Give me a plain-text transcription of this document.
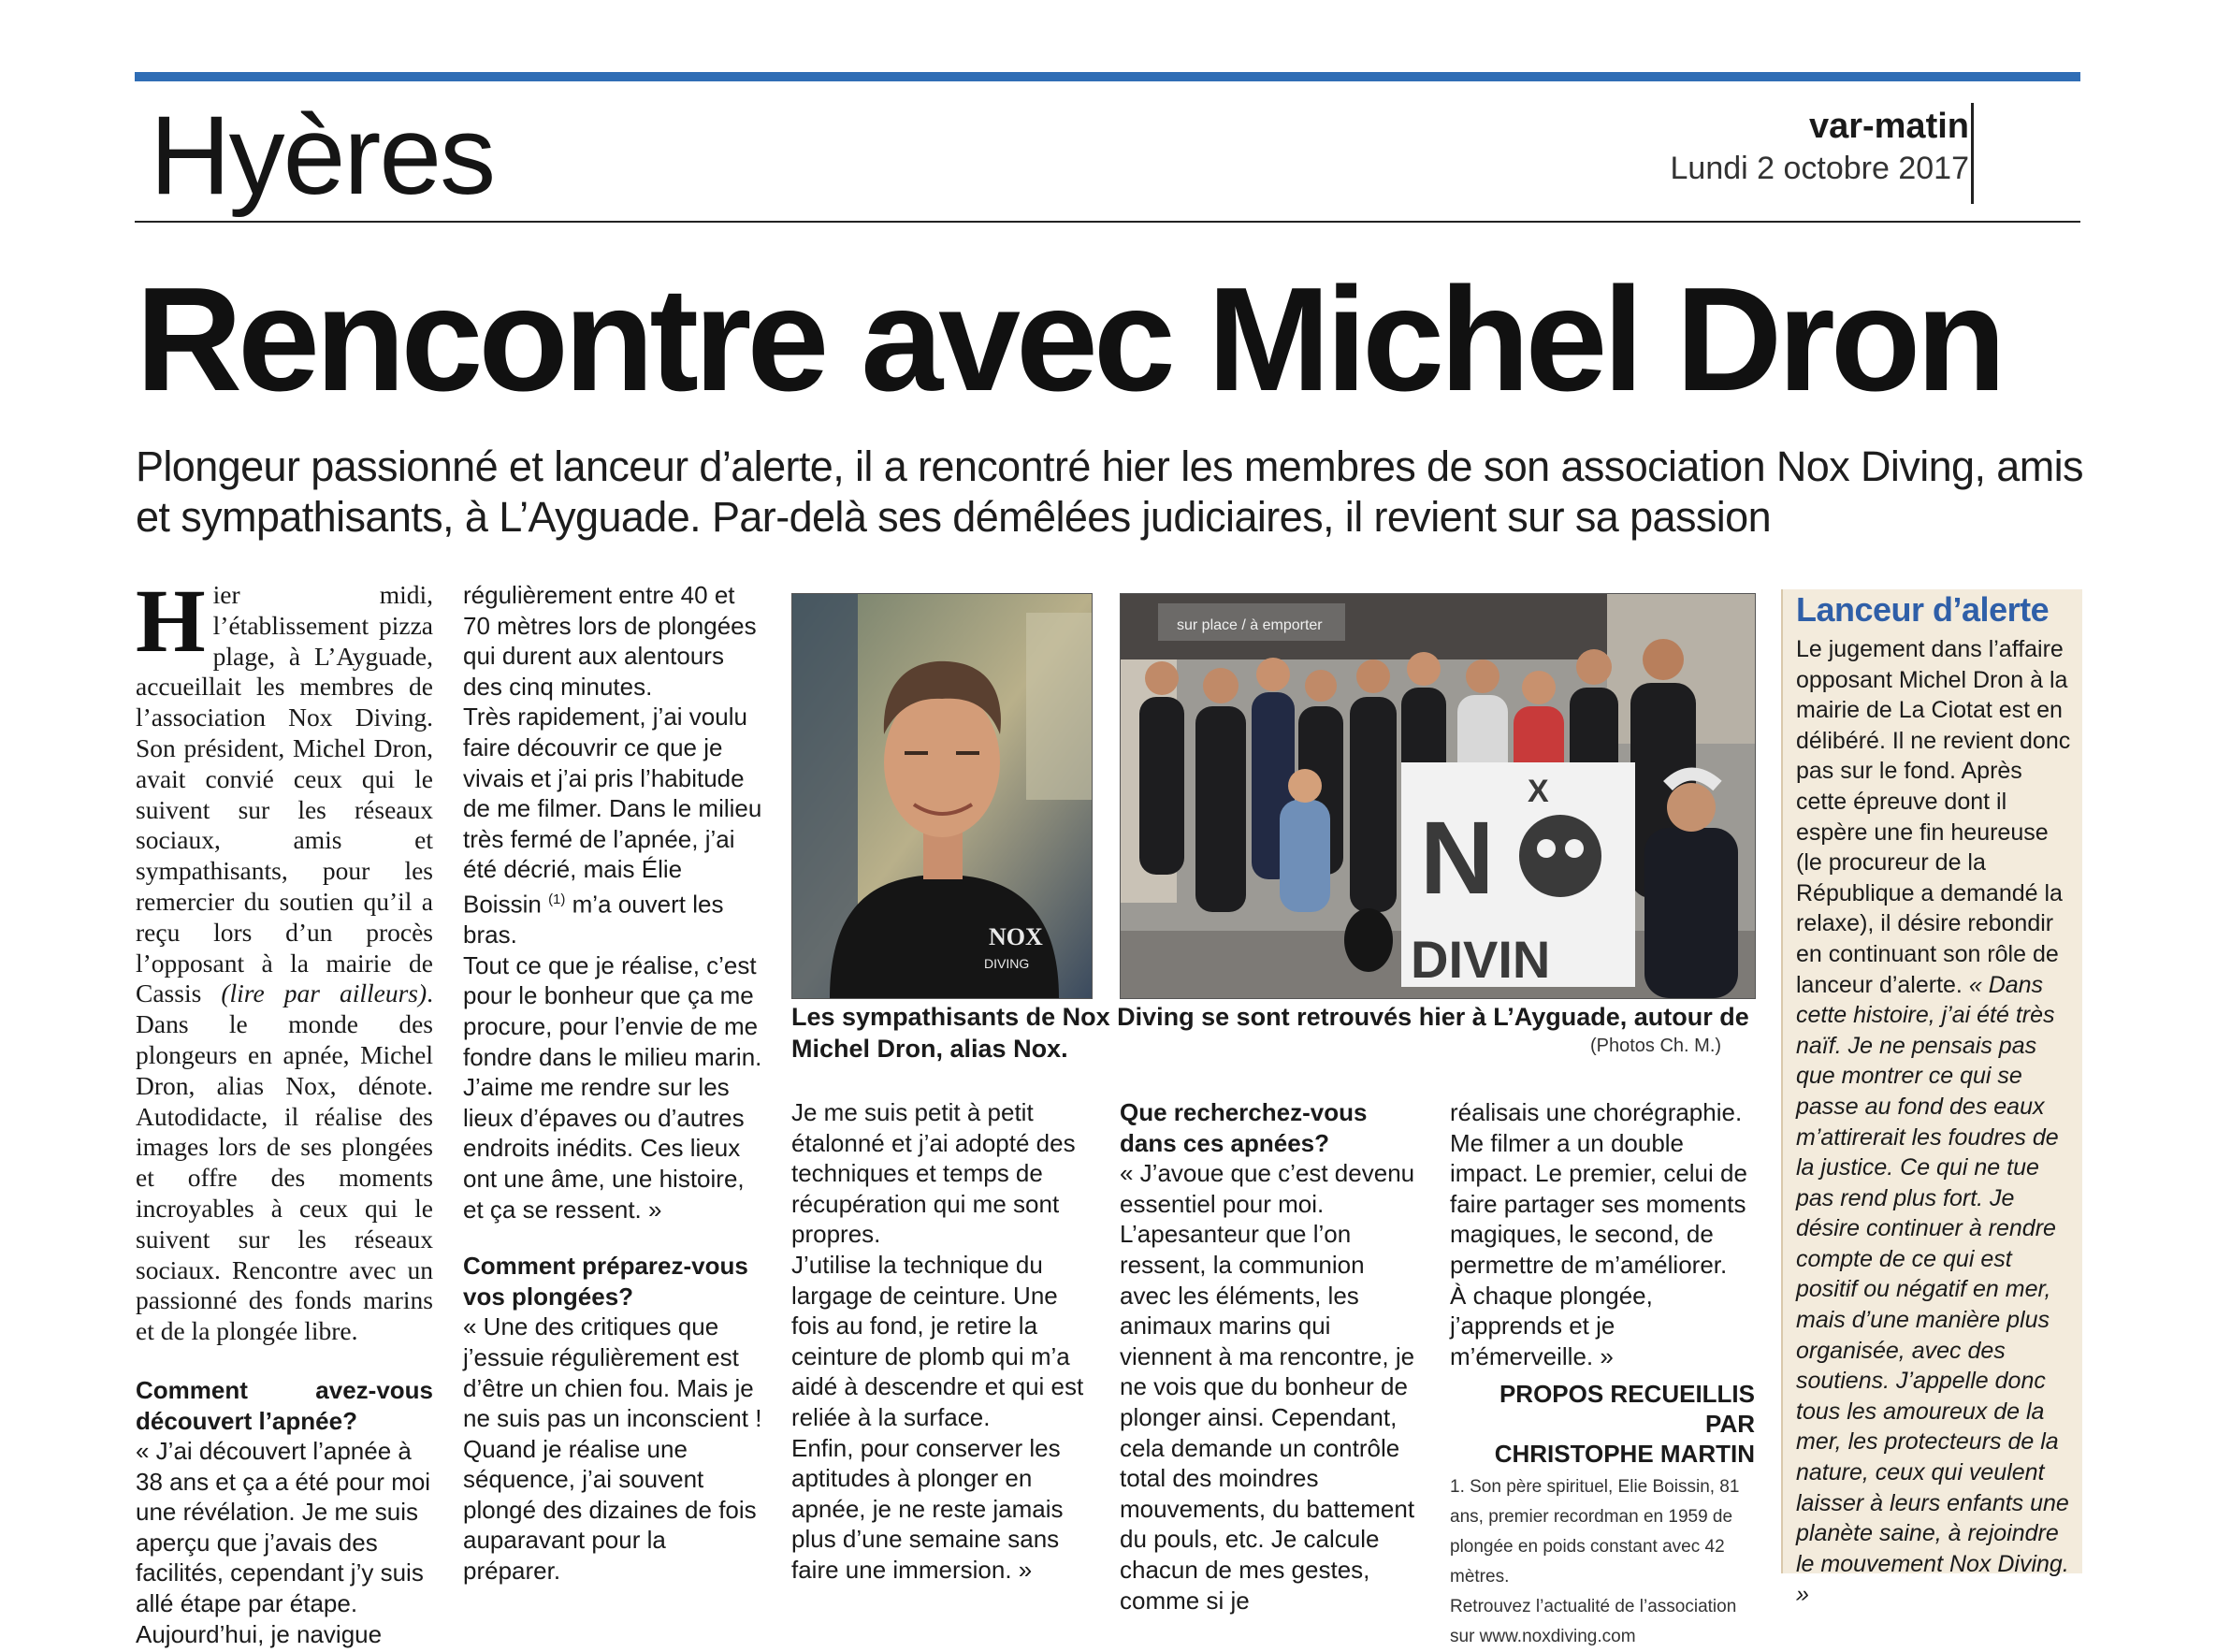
Hyères	var-matin
Lundi 2 octobre 2017
Rencontre avec Michel Dron

Plongeur passionné et lanceur d’alerte, il a rencontré hier les membres de son association Nox Diving, amis et sympathisants, à L’Ayguade. Par-delà ses démêlées judiciaires, il revient sur sa passion

Hier midi, l’établissement pizza plage, à L’Ayguade, accueillait les membres de l’association Nox Diving. Son président, Michel Dron, avait convié ceux qui le suivent sur les réseaux sociaux, amis et sympathisants, pour les remercier du soutien qu’il a reçu lors d’un procès l’opposant à la mairie de Cassis (lire par ailleurs). Dans le monde des plongeurs en apnée, Michel Dron, alias Nox, dénote. Autodidacte, il réalise des images lors de ses plongées et offre des moments incroyables à ceux qui le suivent sur les réseaux sociaux. Rencontre avec un passionné des fonds marins et de la plongée libre.

Comment avez-vous découvert l’apnée?

« J’ai découvert l’apnée à 38 ans et ça a été pour moi une révélation. Je me suis aperçu que j’avais des facilités, cependant j’y suis allé étape par étape. Aujourd’hui, je navigue

régulièrement entre 40 et 70 mètres lors de plongées qui durent aux alentours des cinq minutes.

Très rapidement, j’ai voulu faire découvrir ce que je vivais et j’ai pris l’habitude de me filmer. Dans le milieu très fermé de l’apnée, j’ai été décrié, mais Élie Boissin $^{(1)}$ m’a ouvert les bras.

Tout ce que je réalise, c’est pour le bonheur que ça me procure, pour l’envie de me fondre dans le milieu marin. J’aime me rendre sur les lieux d’épaves ou d’autres endroits inédits. Ces lieux ont une âme, une histoire, et ça se ressent. »

Comment préparez-vous vos plongées?

« Une des critiques que j’essuie régulièrement est d’être un chien fou. Mais je ne suis pas un inconscient ! Quand je réalise une séquence, j’ai souvent plongé des dizaines de fois auparavant pour la préparer.

NOX
DIVING
sur place / à emporter
N
X
DIVIN
Les sympathisants de Nox Diving se sont retrouvés hier à L’Ayguade, autour de Michel Dron, alias Nox.	(Photos Ch. M.)

Je me suis petit à petit étalonné et j’ai adopté des techniques et temps de récupération qui me sont propres.

J’utilise la technique du largage de ceinture. Une fois au fond, je retire la ceinture de plomb qui m’a aidé à descendre et qui est reliée à la surface.

Enfin, pour conserver les aptitudes à plonger en apnée, je ne reste jamais plus d’une semaine sans faire une immersion. »

Que recherchez-vous dans ces apnées?

« J’avoue que c’est devenu essentiel pour moi. L’apesanteur que l’on ressent, la communion avec les éléments, les animaux marins qui viennent à ma rencontre, je ne vois que du bonheur de plonger ainsi. Cependant, cela demande un contrôle total des moindres mouvements, du battement du pouls, etc. Je calcule chacun de mes gestes, comme si je

réalisais une chorégraphie. Me filmer a un double impact. Le premier, celui de faire partager ses moments magiques, le second, de permettre de m’améliorer.

À chaque plongée, j’apprends et je m’émerveille. »

PROPOS RECUEILLIS PAR

CHRISTOPHE MARTIN

1. Son père spirituel, Elie Boissin, 81 ans, premier recordman en 1959 de plongée en poids constant avec 42 mètres.

Retrouvez l’actualité de l’association sur www.noxdiving.com

Lanceur d’alerte
Le jugement dans l’affaire opposant Michel Dron à la mairie de La Ciotat est en délibéré. Il ne revient donc pas sur le fond. Après cette épreuve dont il espère une fin heureuse (le procureur de la République a demandé la relaxe), il désire rebondir en continuant son rôle de lanceur d’alerte. « Dans cette histoire, j’ai été très naïf. Je ne pensais pas que montrer ce qui se passe au fond des eaux m’attirerait les foudres de la justice. Ce qui ne tue pas rend plus fort. Je désire continuer à rendre compte de ce qui est positif ou négatif en mer, mais d’une manière plus organisée, avec des soutiens. J’appelle donc tous les amoureux de la mer, les protecteurs de la nature, ceux qui veulent laisser à leurs enfants une planète saine, à rejoindre le mouvement Nox Diving. »
